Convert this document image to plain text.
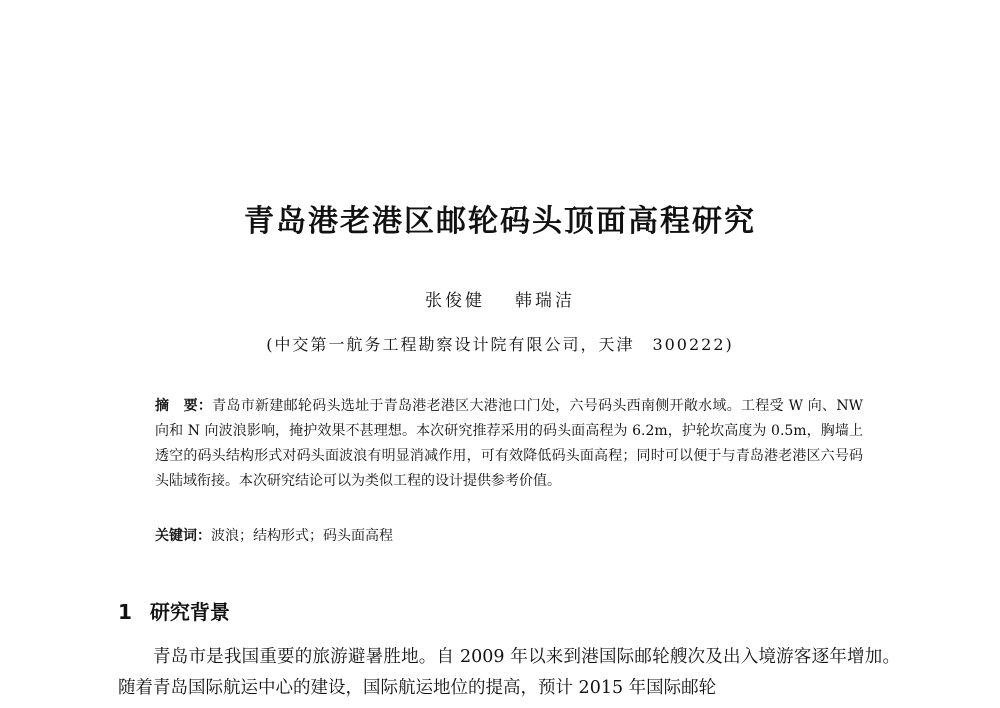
青岛港老港区邮轮码头顶面高程研究
张俊健 韩瑞洁
(中交第一航务工程勘察设计院有限公司，天津　300222)
摘　要：青岛市新建邮轮码头选址于青岛港老港区大港池口门处，六号码头西南侧开敞水域。工程受 W 向、NW 向和 N 向波浪影响，掩护效果不甚理想。本次研究推荐采用的码头面高程为 6.2m，护轮坎高度为 0.5m，胸墙上透空的码头结构形式对码头面波浪有明显消减作用，可有效降低码头面高程；同时可以便于与青岛港老港区六号码头陆域衔接。本次研究结论可以为类似工程的设计提供参考价值。
关键词：波浪；结构形式；码头面高程
1 研究背景
青岛市是我国重要的旅游避暑胜地。自 2009 年以来到港国际邮轮艘次及出入境游客逐年增加。随着青岛国际航运中心的建设，国际航运地位的提高，预计 2015 年国际邮轮
